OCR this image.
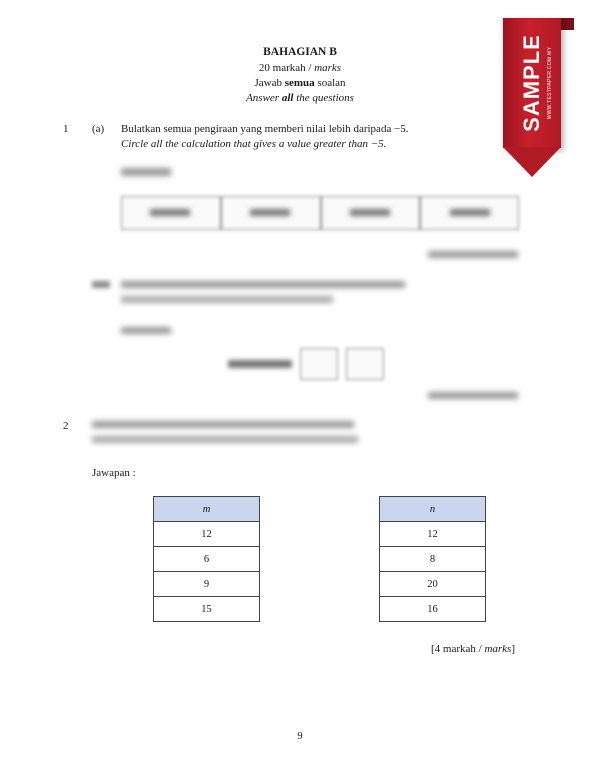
BAHAGIAN B
20 markah / marks
Jawab semua soalan
Answer all the questions	SAMPLE WWW.TESTPAPER.COM.MY
1 (a) Bulatkan semua pengiraan yang memberi nilai lebih daripada −5.
Circle all the calculation that gives a value greater than −5.
2
Jawapan :
m
12
6
9
15
n
12
8
20
16
[4 markah / marks]
9
